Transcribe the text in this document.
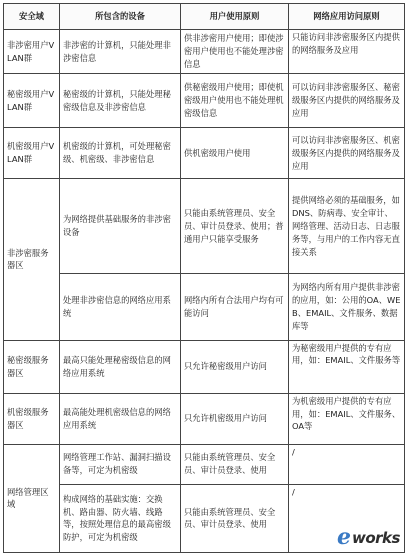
安全域	所包含的设备	用户使用原则	网络应用访问原则
非涉密用户VLAN群	非涉密的计算机，只能处理非涉密信息	供非涉密用户使用；即使涉密用户使用也不能处理涉密信息	只能访问非涉密服务区内提供的网络服务及应用
秘密级用户VLAN群	秘密级的计算机，只能处理秘密级信息及非涉密信息	供秘密级用户使用；即使机密级用户使用也不能处理机密级信息	可以访问非涉密服务区、秘密级服务区内提供的网络服务及应用
机密级用户VLAN群	机密级的计算机，可处理秘密级、机密级、非涉密信息	供机密级用户使用	可以访问非涉密服务区、机密级服务区内提供的网络服务及应用
非涉密服务器区	为网络提供基础服务的非涉密设备	只能由系统管理员、安全员、审计员登录、使用；普通用户只能享受服务	提供网络必须的基础服务，如DNS、防病毒、安全审计、网络管理、活动日志、日志服务等，与用户的工作内容无直接关系
	处理非涉密信息的网络应用系统	网络内所有合法用户均有可能访问	为网络内所有用户提供非涉密的应用，如：公用的OA、WEB、EMAIL、文件服务、数据库等
秘密级服务器区	最高只能处理秘密级信息的网络应用系统	只允许秘密级用户访问	为秘密级用户提供的专有应用，如：EMAIL、文件服务等
机密级服务器区	最高能处理机密级信息的网络应用系统	只允许机密级用户访问	为机密级用户提供的专有应用，如：EMAIL、文件服务、OA等
网络管理区域	网络管理工作站、漏洞扫描设备等，可定为机密级	只能由系统管理员、安全员、审计员登录、使用	/
	构成网络的基础实施：交换机、路由器、防火墙、线路等，按照处理信息的最高密级防护，可定为机密级	只能由系统管理员、安全员、审计员登录、使用	/
e works
